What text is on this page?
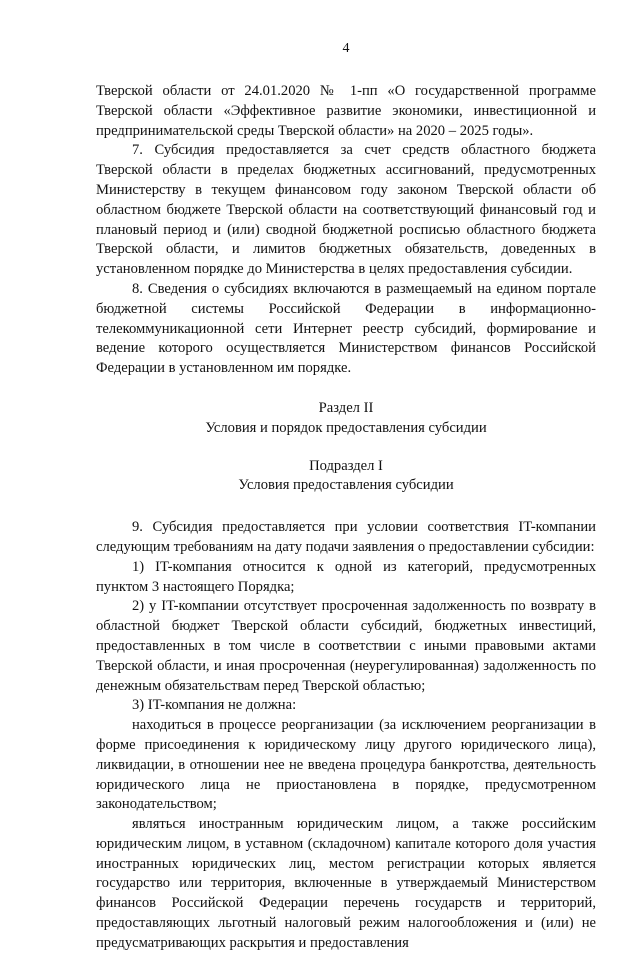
4

Тверской области от 24.01.2020 № 1-пп «О государственной программе Тверской области «Эффективное развитие экономики, инвестиционной и предпринимательской среды Тверской области» на 2020 – 2025 годы».

7. Субсидия предоставляется за счет средств областного бюджета Тверской области в пределах бюджетных ассигнований, предусмотренных Министерству в текущем финансовом году законом Тверской области об областном бюджете Тверской области на соответствующий финансовый год и плановый период и (или) сводной бюджетной росписью областного бюджета Тверской области, и лимитов бюджетных обязательств, доведенных в установленном порядке до Министерства в целях предоставления субсидии.

8. Сведения о субсидиях включаются в размещаемый на едином портале бюджетной системы Российской Федерации в информационно-телекоммуникационной сети Интернет реестр субсидий, формирование и ведение которого осуществляется Министерством финансов Российской Федерации в установленном им порядке.

Раздел II
Условия и порядок предоставления субсидии
Подраздел I
Условия предоставления субсидии

9. Субсидия предоставляется при условии соответствия IT-компании следующим требованиям на дату подачи заявления о предоставлении субсидии:

1) IT-компания относится к одной из категорий, предусмотренных пунктом 3 настоящего Порядка;

2) у IT-компании отсутствует просроченная задолженность по возврату в областной бюджет Тверской области субсидий, бюджетных инвестиций, предоставленных в том числе в соответствии с иными правовыми актами Тверской области, и иная просроченная (неурегулированная) задолженность по денежным обязательствам перед Тверской областью;

3) IT-компания не должна:

находиться в процессе реорганизации (за исключением реорганизации в форме присоединения к юридическому лицу другого юридического лица), ликвидации, в отношении нее не введена процедура банкротства, деятельность юридического лица не приостановлена в порядке, предусмотренном законодательством;

являться иностранным юридическим лицом, а также российским юридическим лицом, в уставном (складочном) капитале которого доля участия иностранных юридических лиц, местом регистрации которых является государство или территория, включенные в утверждаемый Министерством финансов Российской Федерации перечень государств и территорий, предоставляющих льготный налоговый режим налогообложения и (или) не предусматривающих раскрытия и предоставления
